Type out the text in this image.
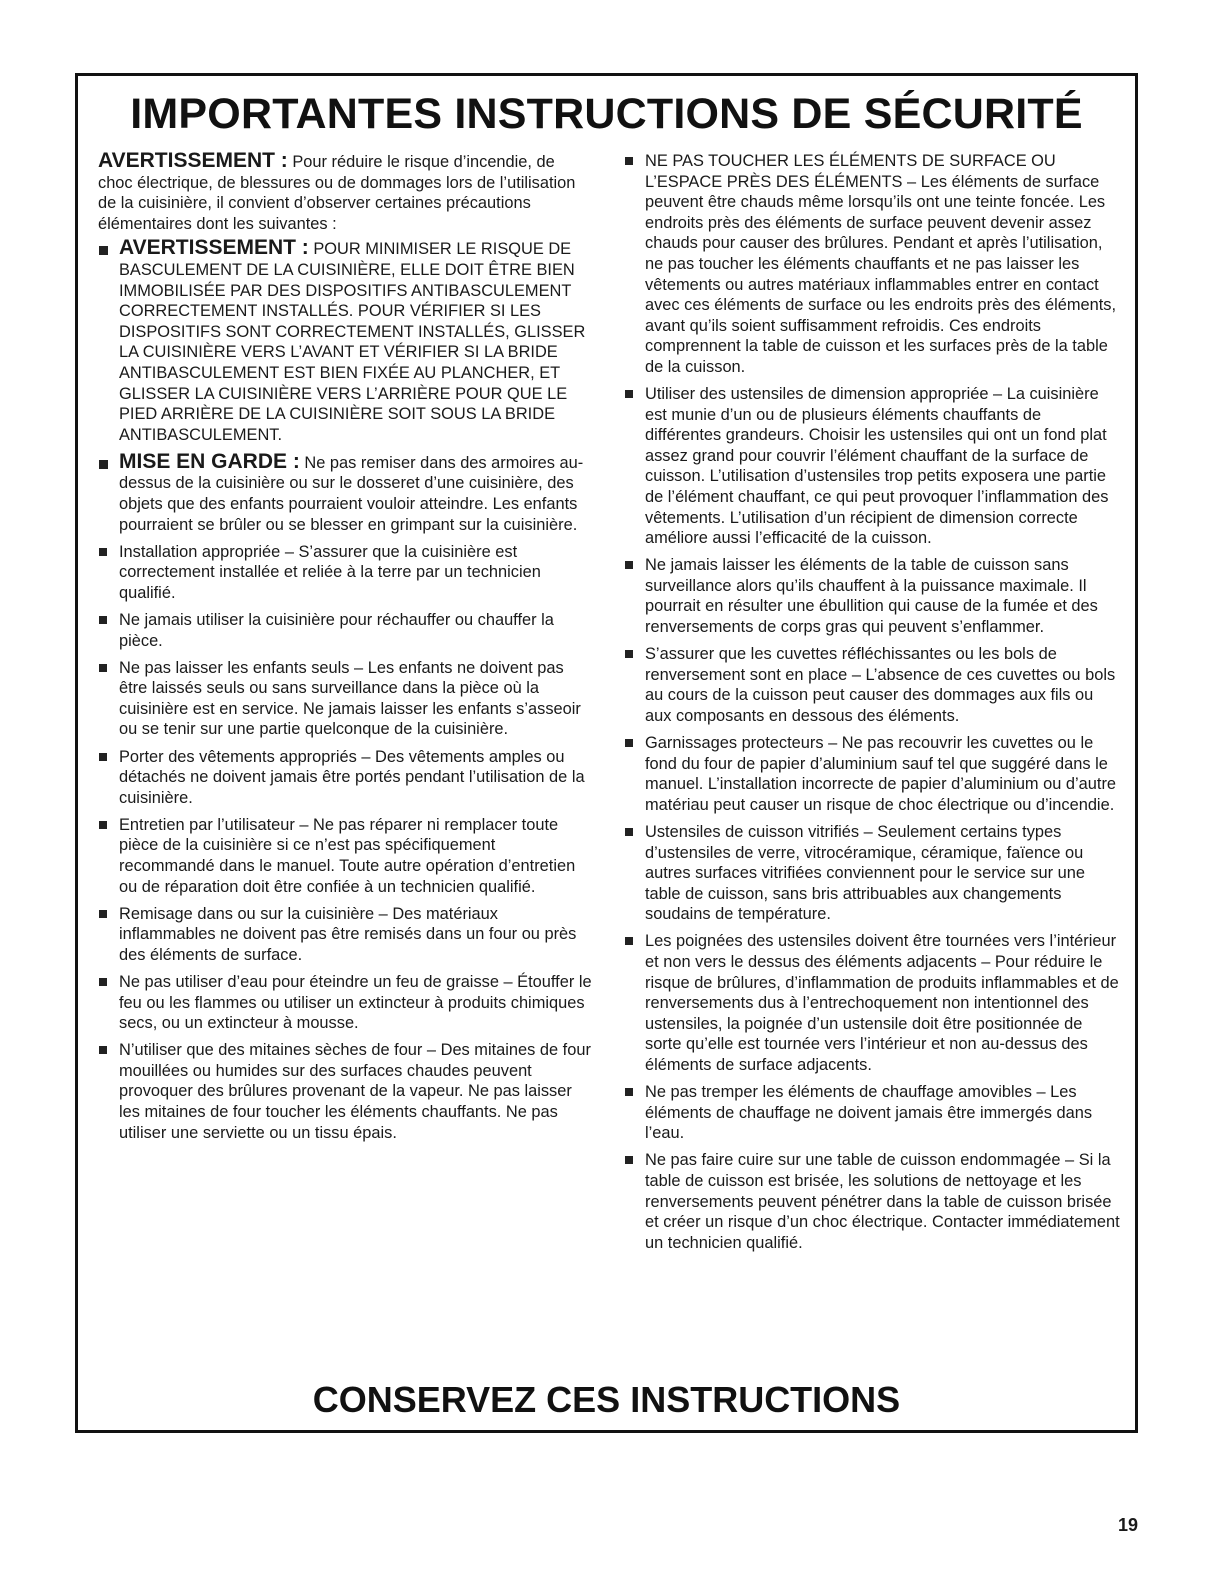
IMPORTANTES INSTRUCTIONS DE SÉCURITÉ

AVERTISSEMENT : Pour réduire le risque d’incendie, de choc électrique, de blessures ou de dommages lors de l’utilisation de la cuisinière, il convient d’observer certaines précautions élémentaires dont les suivantes :

AVERTISSEMENT : POUR MINIMISER LE RISQUE DE BASCULEMENT DE LA CUISINIÈRE, ELLE DOIT ÊTRE BIEN IMMOBILISÉE PAR DES DISPOSITIFS ANTIBASCULEMENT CORRECTEMENT INSTALLÉS. POUR VÉRIFIER SI LES DISPOSITIFS SONT CORRECTEMENT INSTALLÉS, GLISSER LA CUISINIÈRE VERS L’AVANT ET VÉRIFIER SI LA BRIDE ANTIBASCULEMENT EST BIEN FIXÉE AU PLANCHER, ET GLISSER LA CUISINIÈRE VERS L’ARRIÈRE POUR QUE LE PIED ARRIÈRE DE LA CUISINIÈRE SOIT SOUS LA BRIDE ANTIBASCULEMENT.
MISE EN GARDE : Ne pas remiser dans des armoires au-dessus de la cuisinière ou sur le dosseret d’une cuisinière, des objets que des enfants pourraient vouloir atteindre. Les enfants pourraient se brûler ou se blesser en grimpant sur la cuisinière.
Installation appropriée – S’assurer que la cuisinière est correctement installée et reliée à la terre par un technicien qualifié.
Ne jamais utiliser la cuisinière pour réchauffer ou chauffer la pièce.
Ne pas laisser les enfants seuls – Les enfants ne doivent pas être laissés seuls ou sans surveillance dans la pièce où la cuisinière est en service. Ne jamais laisser les enfants s’asseoir ou se tenir sur une partie quelconque de la cuisinière.
Porter des vêtements appropriés – Des vêtements amples ou détachés ne doivent jamais être portés pendant l’utilisation de la cuisinière.
Entretien par l’utilisateur – Ne pas réparer ni remplacer toute pièce de la cuisinière si ce n’est pas spécifiquement recommandé dans le manuel. Toute autre opération d’entretien ou de réparation doit être confiée à un technicien qualifié.
Remisage dans ou sur la cuisinière – Des matériaux inflammables ne doivent pas être remisés dans un four ou près des éléments de surface.
Ne pas utiliser d’eau pour éteindre un feu de graisse – Étouffer le feu ou les flammes ou utiliser un extincteur à produits chimiques secs, ou un extincteur à mousse.
N’utiliser que des mitaines sèches de four – Des mitaines de four mouillées ou humides sur des surfaces chaudes peuvent provoquer des brûlures provenant de la vapeur. Ne pas laisser les mitaines de four toucher les éléments chauffants. Ne pas utiliser une serviette ou un tissu épais.
NE PAS TOUCHER LES ÉLÉMENTS DE SURFACE OU L’ESPACE PRÈS DES ÉLÉMENTS – Les éléments de surface peuvent être chauds même lorsqu’ils ont une teinte foncée. Les endroits près des éléments de surface peuvent devenir assez chauds pour causer des brûlures. Pendant et après l’utilisation, ne pas toucher les éléments chauffants et ne pas laisser les vêtements ou autres matériaux inflammables entrer en contact avec ces éléments de surface ou les endroits près des éléments, avant qu’ils soient suffisamment refroidis. Ces endroits comprennent la table de cuisson et les surfaces près de la table de la cuisson.
Utiliser des ustensiles de dimension appropriée – La cuisinière est munie d’un ou de plusieurs éléments chauffants de différentes grandeurs. Choisir les ustensiles qui ont un fond plat assez grand pour couvrir l’élément chauffant de la surface de cuisson. L’utilisation d’ustensiles trop petits exposera une partie de l’élément chauffant, ce qui peut provoquer l’inflammation des vêtements. L’utilisation d’un récipient de dimension correcte améliore aussi l’efficacité de la cuisson.
Ne jamais laisser les éléments de la table de cuisson sans surveillance alors qu’ils chauffent à la puissance maximale. Il pourrait en résulter une ébullition qui cause de la fumée et des renversements de corps gras qui peuvent s’enflammer.
S’assurer que les cuvettes réfléchissantes ou les bols de renversement sont en place – L’absence de ces cuvettes ou bols au cours de la cuisson peut causer des dommages aux fils ou aux composants en dessous des éléments.
Garnissages protecteurs – Ne pas recouvrir les cuvettes ou le fond du four de papier d’aluminium sauf tel que suggéré dans le manuel. L’installation incorrecte de papier d’aluminium ou d’autre matériau peut causer un risque de choc électrique ou d’incendie.
Ustensiles de cuisson vitrifiés – Seulement certains types d’ustensiles de verre, vitrocéramique, céramique, faïence ou autres surfaces vitrifiées conviennent pour le service sur une table de cuisson, sans bris attribuables aux changements soudains de température.
Les poignées des ustensiles doivent être tournées vers l’intérieur et non vers le dessus des éléments adjacents – Pour réduire le risque de brûlures, d’inflammation de produits inflammables et de renversements dus à l’entrechoquement non intentionnel des ustensiles, la poignée d’un ustensile doit être positionnée de sorte qu’elle est tournée vers l’intérieur et non au-dessus des éléments de surface adjacents.
Ne pas tremper les éléments de chauffage amovibles – Les éléments de chauffage ne doivent jamais être immergés dans l’eau.
Ne pas faire cuire sur une table de cuisson endommagée – Si la table de cuisson est brisée, les solutions de nettoyage et les renversements peuvent pénétrer dans la table de cuisson brisée et créer un risque d’un choc électrique. Contacter immédiatement un technicien qualifié.
CONSERVEZ CES INSTRUCTIONS
19
